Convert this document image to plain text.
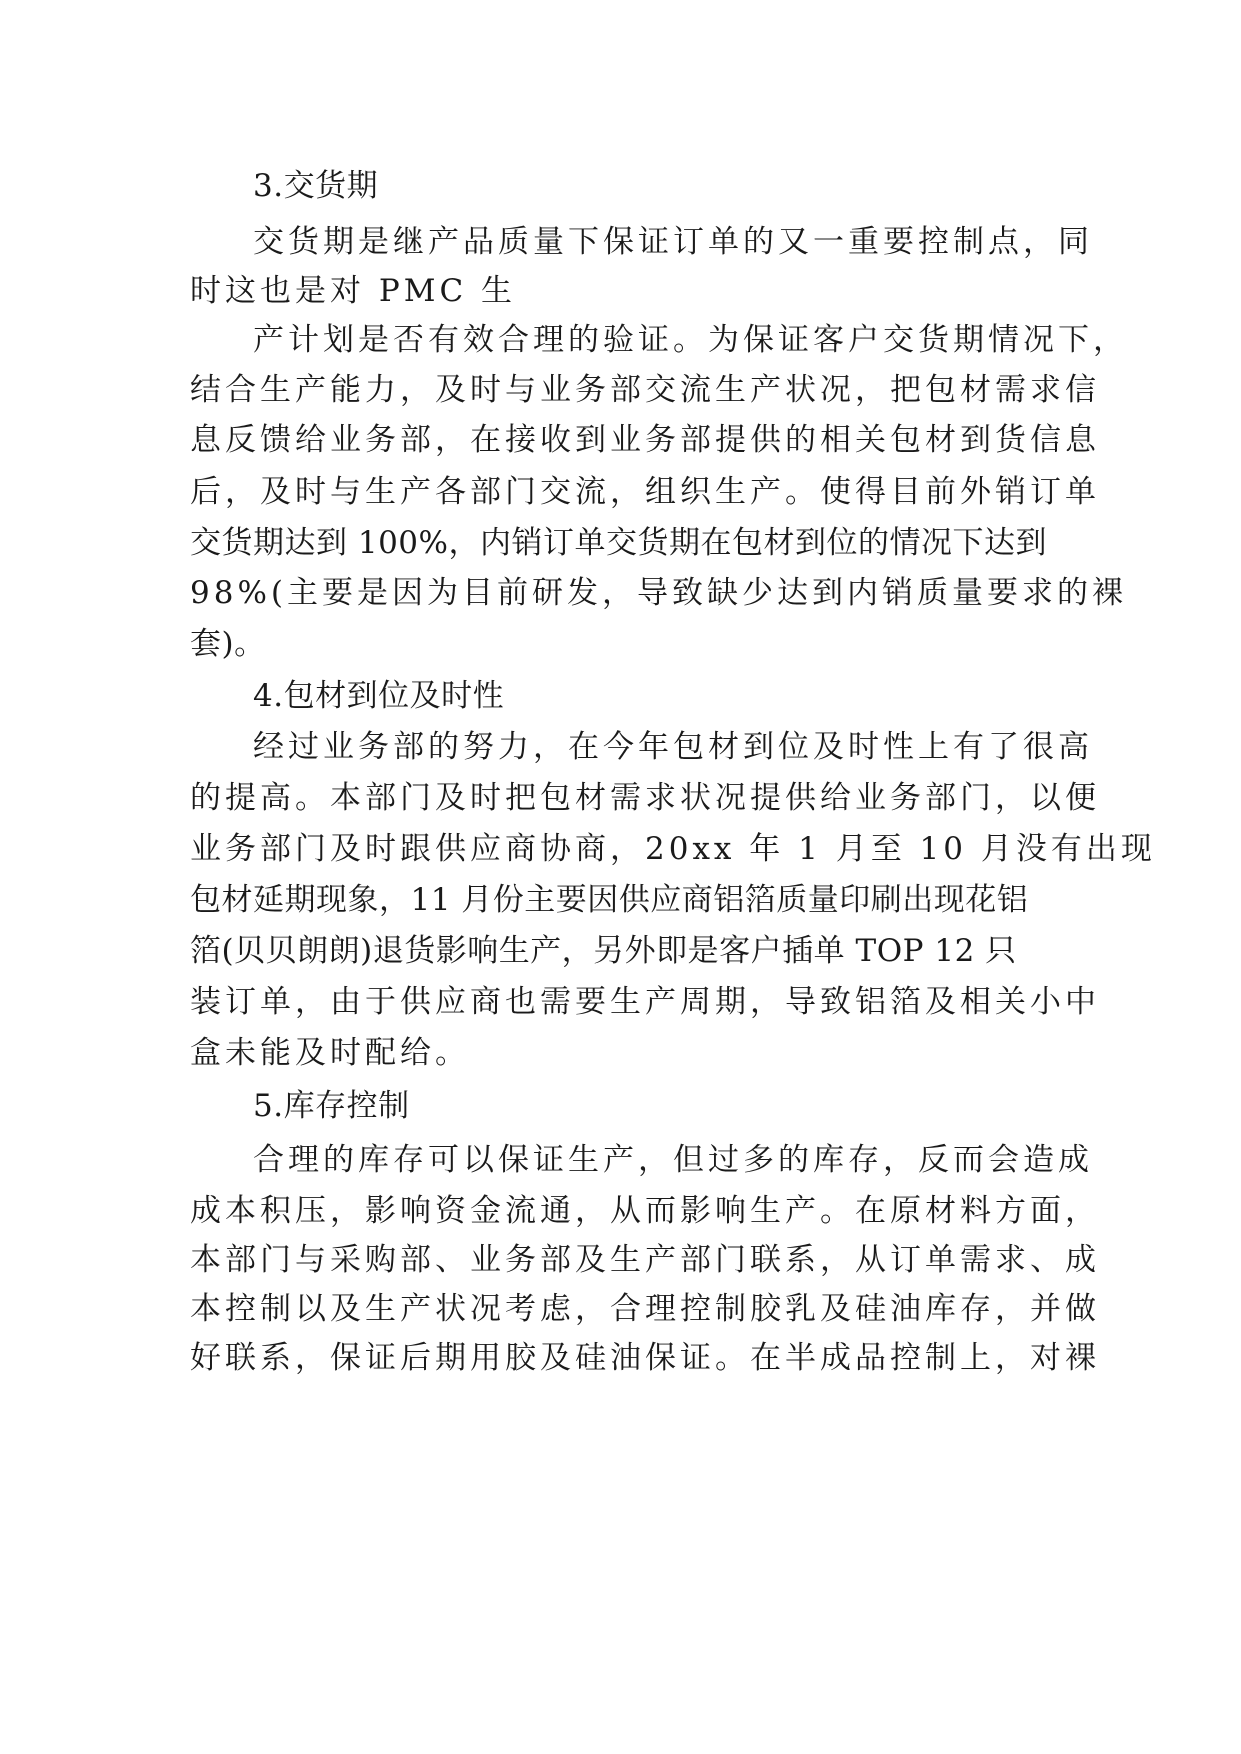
3.交货期
交货期是继产品质量下保证订单的又一重要控制点，同
时这也是对 PMC 生
产计划是否有效合理的验证。为保证客户交货期情况下，
结合生产能力，及时与业务部交流生产状况，把包材需求信
息反馈给业务部，在接收到业务部提供的相关包材到货信息
后，及时与生产各部门交流，组织生产。使得目前外销订单
交货期达到 100%，内销订单交货期在包材到位的情况下达到
98%(主要是因为目前研发，导致缺少达到内销质量要求的裸
套)。
4.包材到位及时性
经过业务部的努力，在今年包材到位及时性上有了很高
的提高。本部门及时把包材需求状况提供给业务部门，以便
业务部门及时跟供应商协商，20xx 年 1 月至 10 月没有出现
包材延期现象，11 月份主要因供应商铝箔质量印刷出现花铝
箔(贝贝朗朗)退货影响生产，另外即是客户插单 TOP 12 只
装订单，由于供应商也需要生产周期，导致铝箔及相关小中
盒未能及时配给。
5.库存控制
合理的库存可以保证生产，但过多的库存，反而会造成
成本积压，影响资金流通，从而影响生产。在原材料方面，
本部门与采购部、业务部及生产部门联系，从订单需求、成
本控制以及生产状况考虑，合理控制胶乳及硅油库存，并做
好联系，保证后期用胶及硅油保证。在半成品控制上，对裸
